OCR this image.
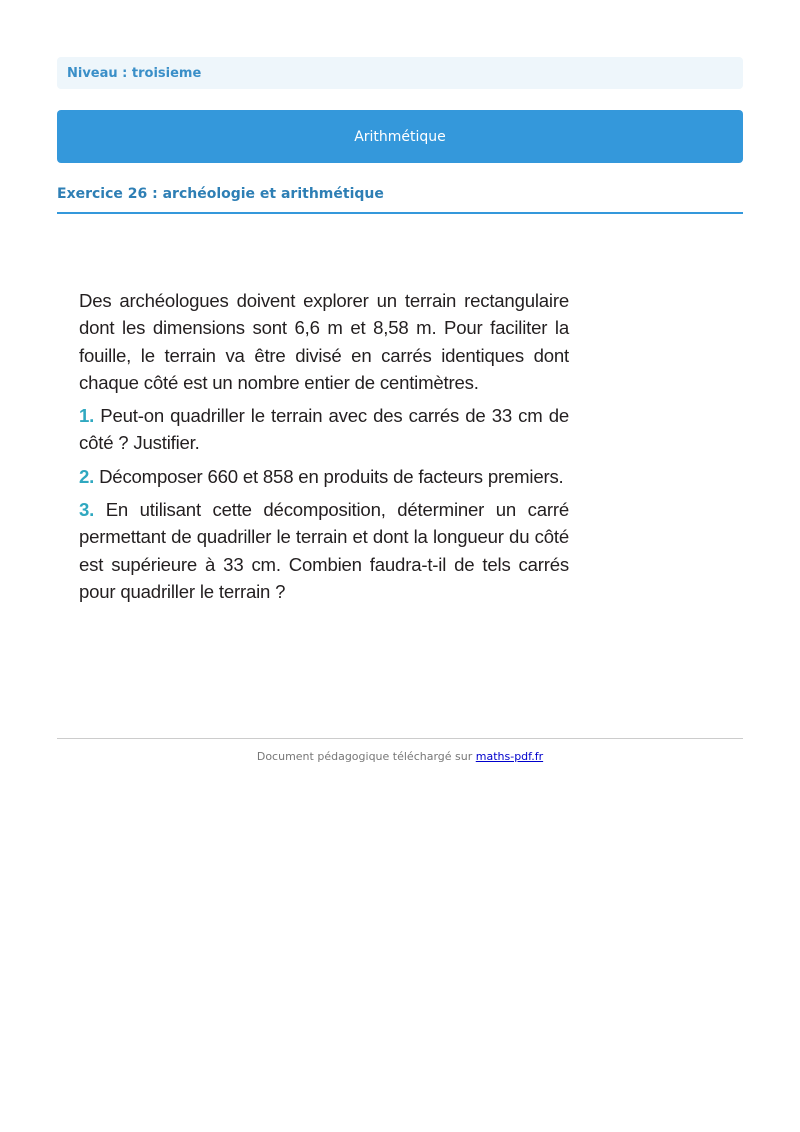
Niveau : troisieme
Arithmétique
Exercice 26 : archéologie et arithmétique

Des archéologues doivent explorer un terrain rectangulaire dont les dimensions sont 6,6 m et 8,58 m. Pour faciliter la fouille, le terrain va être divisé en carrés identiques dont chaque côté est un nombre entier de centimètres.

1. Peut-on quadriller le terrain avec des carrés de 33 cm de côté ? Justifier.

2. Décomposer 660 et 858 en produits de facteurs premiers.

3. En utilisant cette décomposition, déterminer un carré permettant de quadriller le terrain et dont la longueur du côté est supérieure à 33 cm. Combien faudra-t-il de tels carrés pour quadriller le terrain ?

Document pédagogique téléchargé sur maths-pdf.fr
